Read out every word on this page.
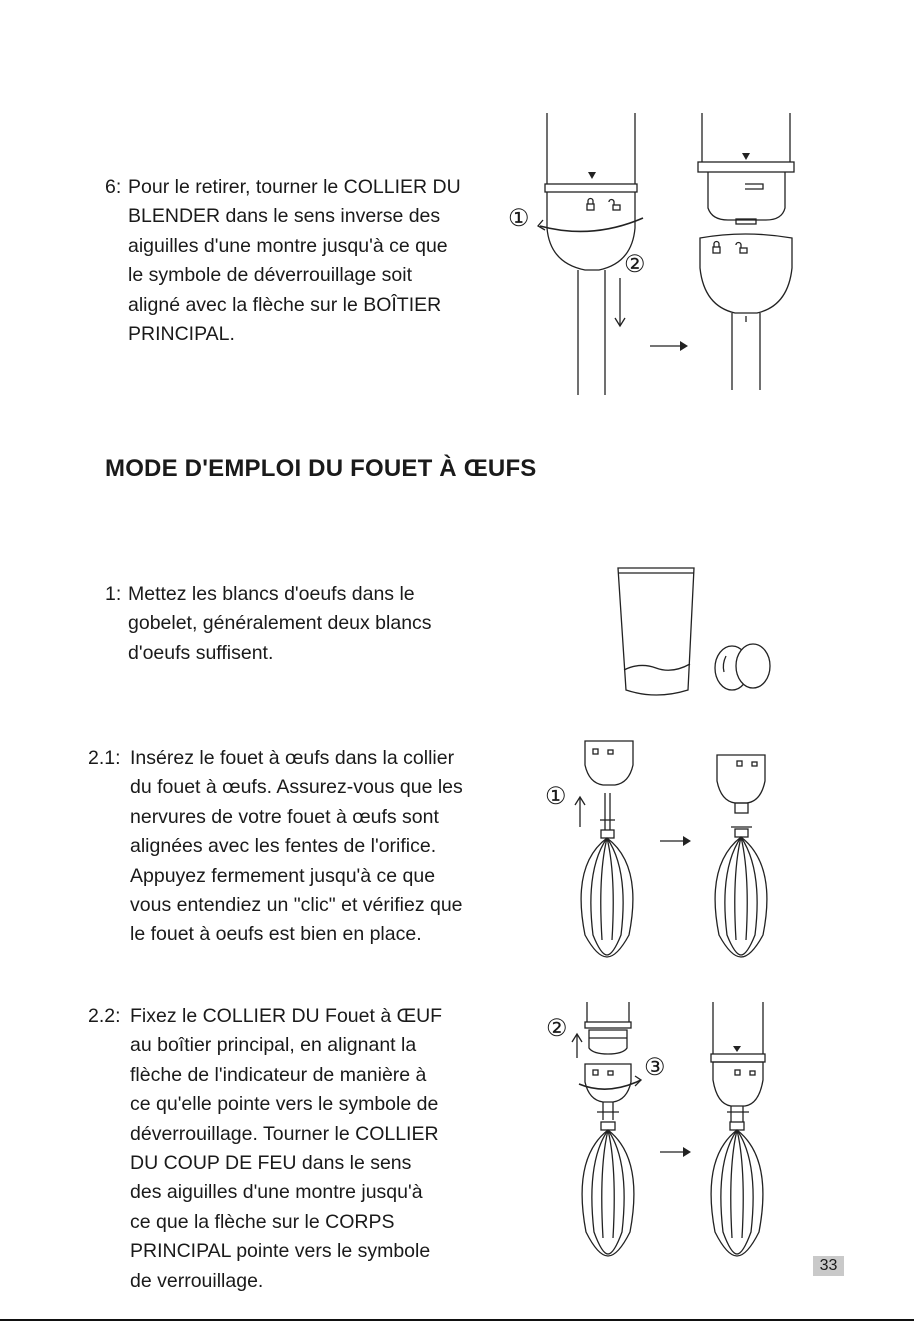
6: Pour le retirer, tourner le COLLIER DU
BLENDER dans le sens inverse des
aiguilles d'une montre jusqu'à ce que
le symbole de déverrouillage soit
aligné avec la flèche sur le BOÎTIER
PRINCIPAL.
①
②
MODE D'EMPLOI DU FOUET À ŒUFS
1: Mettez les blancs d'oeufs dans le
gobelet, généralement deux blancs
d'oeufs suffisent.
2.1: Insérez le fouet à œufs dans la collier
du fouet à œufs. Assurez-vous que les
nervures de votre fouet à œufs sont
alignées avec les fentes de l'orifice.
Appuyez fermement jusqu'à ce que
vous entendiez un "clic" et vérifiez que
le fouet à oeufs est bien en place.
①
2.2: Fixez le COLLIER DU Fouet à ŒUF
au boîtier principal, en alignant la
flèche de l'indicateur de manière à
ce qu'elle pointe vers le symbole de
déverrouillage. Tourner le COLLIER
DU COUP DE FEU dans le sens
des aiguilles d'une montre jusqu'à
ce que la flèche sur le CORPS
PRINCIPAL pointe vers le symbole
de verrouillage.
②
③
33
